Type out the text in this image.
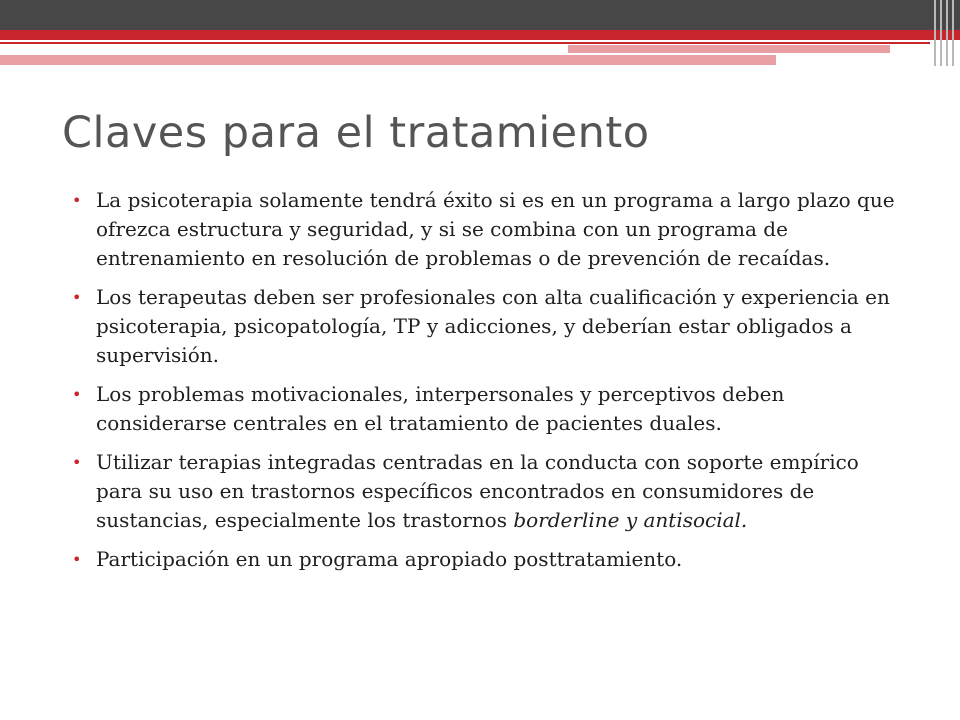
Claves para el tratamiento
• La psicoterapia solamente tendrá éxito si es en un programa a largo plazo que ofrezca estructura y seguridad, y si se combina con un programa de entrenamiento en resolución de problemas o de prevención de recaídas.
• Los terapeutas deben ser profesionales con alta cualificación y experiencia en psicoterapia, psicopatología, TP y adicciones, y deberían estar obligados a supervisión.
• Los problemas motivacionales, interpersonales y perceptivos deben considerarse centrales en el tratamiento de pacientes duales.
• Utilizar terapias integradas centradas en la conducta con soporte empírico para su uso en trastornos específicos encontrados en consumidores de sustancias, especialmente los trastornos borderline y antisocial.
• Participación en un programa apropiado posttratamiento.
